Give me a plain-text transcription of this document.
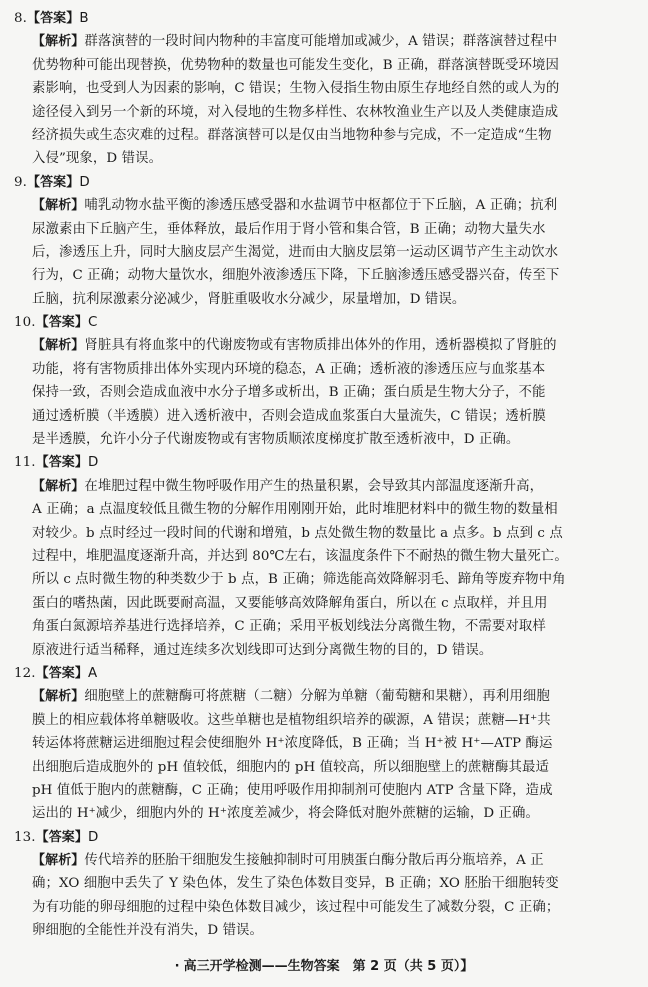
8.【答案】B
【解析】群落演替的一段时间内物种的丰富度可能增加或减少，A 错误；群落演替过程中
优势物种可能出现替换，优势物种的数量也可能发生变化，B 正确，群落演替既受环境因
素影响，也受到人为因素的影响，C 错误；生物入侵指生物由原生存地经自然的或人为的
途径侵入到另一个新的环境，对入侵地的生物多样性、农林牧渔业生产以及人类健康造成
经济损失或生态灾难的过程。群落演替可以是仅由当地物种参与完成，不一定造成“生物
入侵”现象，D 错误。
9.【答案】D
【解析】哺乳动物水盐平衡的渗透压感受器和水盐调节中枢都位于下丘脑，A 正确；抗利
尿激素由下丘脑产生，垂体释放，最后作用于肾小管和集合管，B 正确；动物大量失水
后，渗透压上升，同时大脑皮层产生渴觉，进而由大脑皮层第一运动区调节产生主动饮水
行为，C 正确；动物大量饮水，细胞外液渗透压下降，下丘脑渗透压感受器兴奋，传至下
丘脑，抗利尿激素分泌减少，肾脏重吸收水分减少，尿量增加，D 错误。
10.【答案】C
【解析】肾脏具有将血浆中的代谢废物或有害物质排出体外的作用，透析器模拟了肾脏的
功能，将有害物质排出体外实现内环境的稳态，A 正确；透析液的渗透压应与血浆基本
保持一致，否则会造成血液中水分子增多或析出，B 正确；蛋白质是生物大分子，不能
通过透析膜（半透膜）进入透析液中，否则会造成血浆蛋白大量流失，C 错误；透析膜
是半透膜，允许小分子代谢废物或有害物质顺浓度梯度扩散至透析液中，D 正确。
11.【答案】D
【解析】在堆肥过程中微生物呼吸作用产生的热量积累，会导致其内部温度逐渐升高，
A 正确；a 点温度较低且微生物的分解作用刚刚开始，此时堆肥材料中的微生物的数量相
对较少。b 点时经过一段时间的代谢和增殖，b 点处微生物的数量比 a 点多。b 点到 c 点
过程中，堆肥温度逐渐升高，并达到 80℃左右，该温度条件下不耐热的微生物大量死亡。
所以 c 点时微生物的种类数少于 b 点，B 正确；筛选能高效降解羽毛、蹄角等废弃物中角
蛋白的嗜热菌，因此既要耐高温，又要能够高效降解角蛋白，所以在 c 点取样，并且用
角蛋白氮源培养基进行选择培养，C 正确；采用平板划线法分离微生物，不需要对取样
原液进行适当稀释，通过连续多次划线即可达到分离微生物的目的，D 错误。
12.【答案】A
【解析】细胞壁上的蔗糖酶可将蔗糖（二糖）分解为单糖（葡萄糖和果糖），再利用细胞
膜上的相应载体将单糖吸收。这些单糖也是植物组织培养的碳源，A 错误；蔗糖—H⁺共
转运体将蔗糖运进细胞过程会使细胞外 H⁺浓度降低，B 正确；当 H⁺被 H⁺—ATP 酶运
出细胞后造成胞外的 pH 值较低，细胞内的 pH 值较高，所以细胞壁上的蔗糖酶其最适
pH 值低于胞内的蔗糖酶，C 正确；使用呼吸作用抑制剂可使胞内 ATP 含量下降，造成
运出的 H⁺减少，细胞内外的 H⁺浓度差减少，将会降低对胞外蔗糖的运输，D 正确。
13.【答案】D
【解析】传代培养的胚胎干细胞发生接触抑制时可用胰蛋白酶分散后再分瓶培养，A 正
确；XO 细胞中丢失了 Y 染色体，发生了染色体数目变异，B 正确；XO 胚胎干细胞转变
为有功能的卵母细胞的过程中染色体数目减少，该过程中可能发生了减数分裂，C 正确；
卵细胞的全能性并没有消失，D 错误。
· 高三开学检测——生物答案　第 2 页（共 5 页）】
